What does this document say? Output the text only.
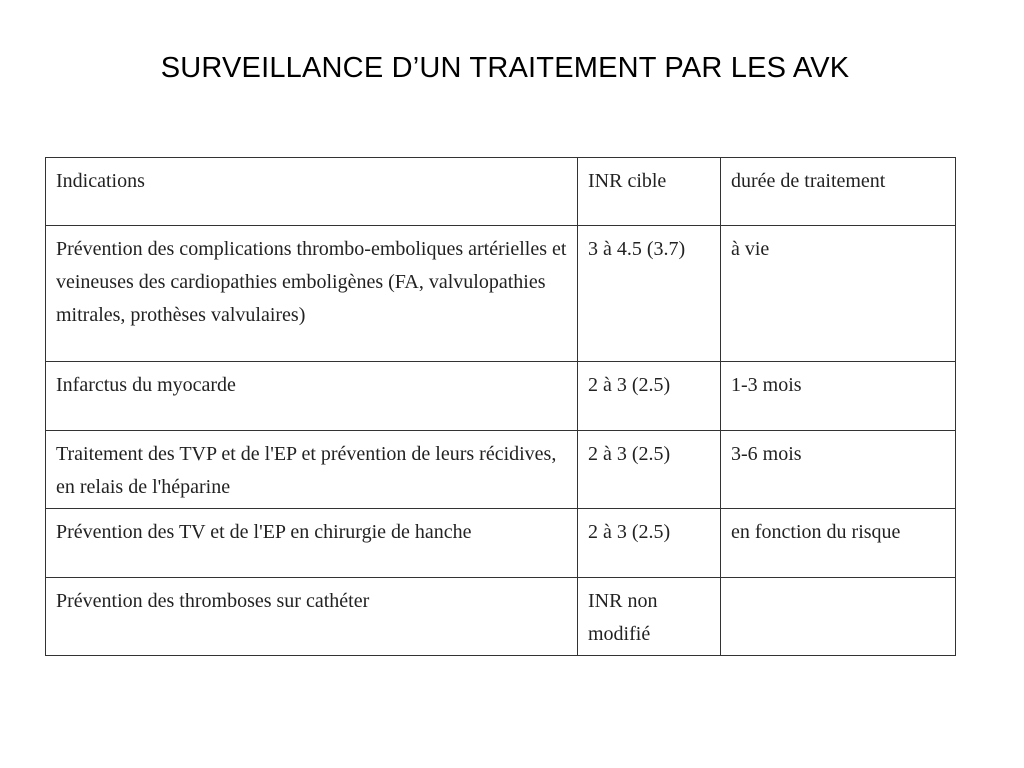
SURVEILLANCE D’UN TRAITEMENT PAR LES AVK
Indications	INR cible	durée de traitement
Prévention des complications thrombo-emboliques artérielles et veineuses des cardiopathies emboligènes (FA, valvulopathies mitrales, prothèses valvulaires)	3 à 4.5 (3.7)	à vie
Infarctus du myocarde	2 à 3 (2.5)	1-3 mois
Traitement des TVP et de l'EP et prévention de leurs récidives, en relais de l'héparine	2 à 3 (2.5)	3-6 mois
Prévention des TV et de l'EP en chirurgie de hanche	2 à 3 (2.5)	en fonction du risque
Prévention des thromboses sur cathéter	INR non modifié	
